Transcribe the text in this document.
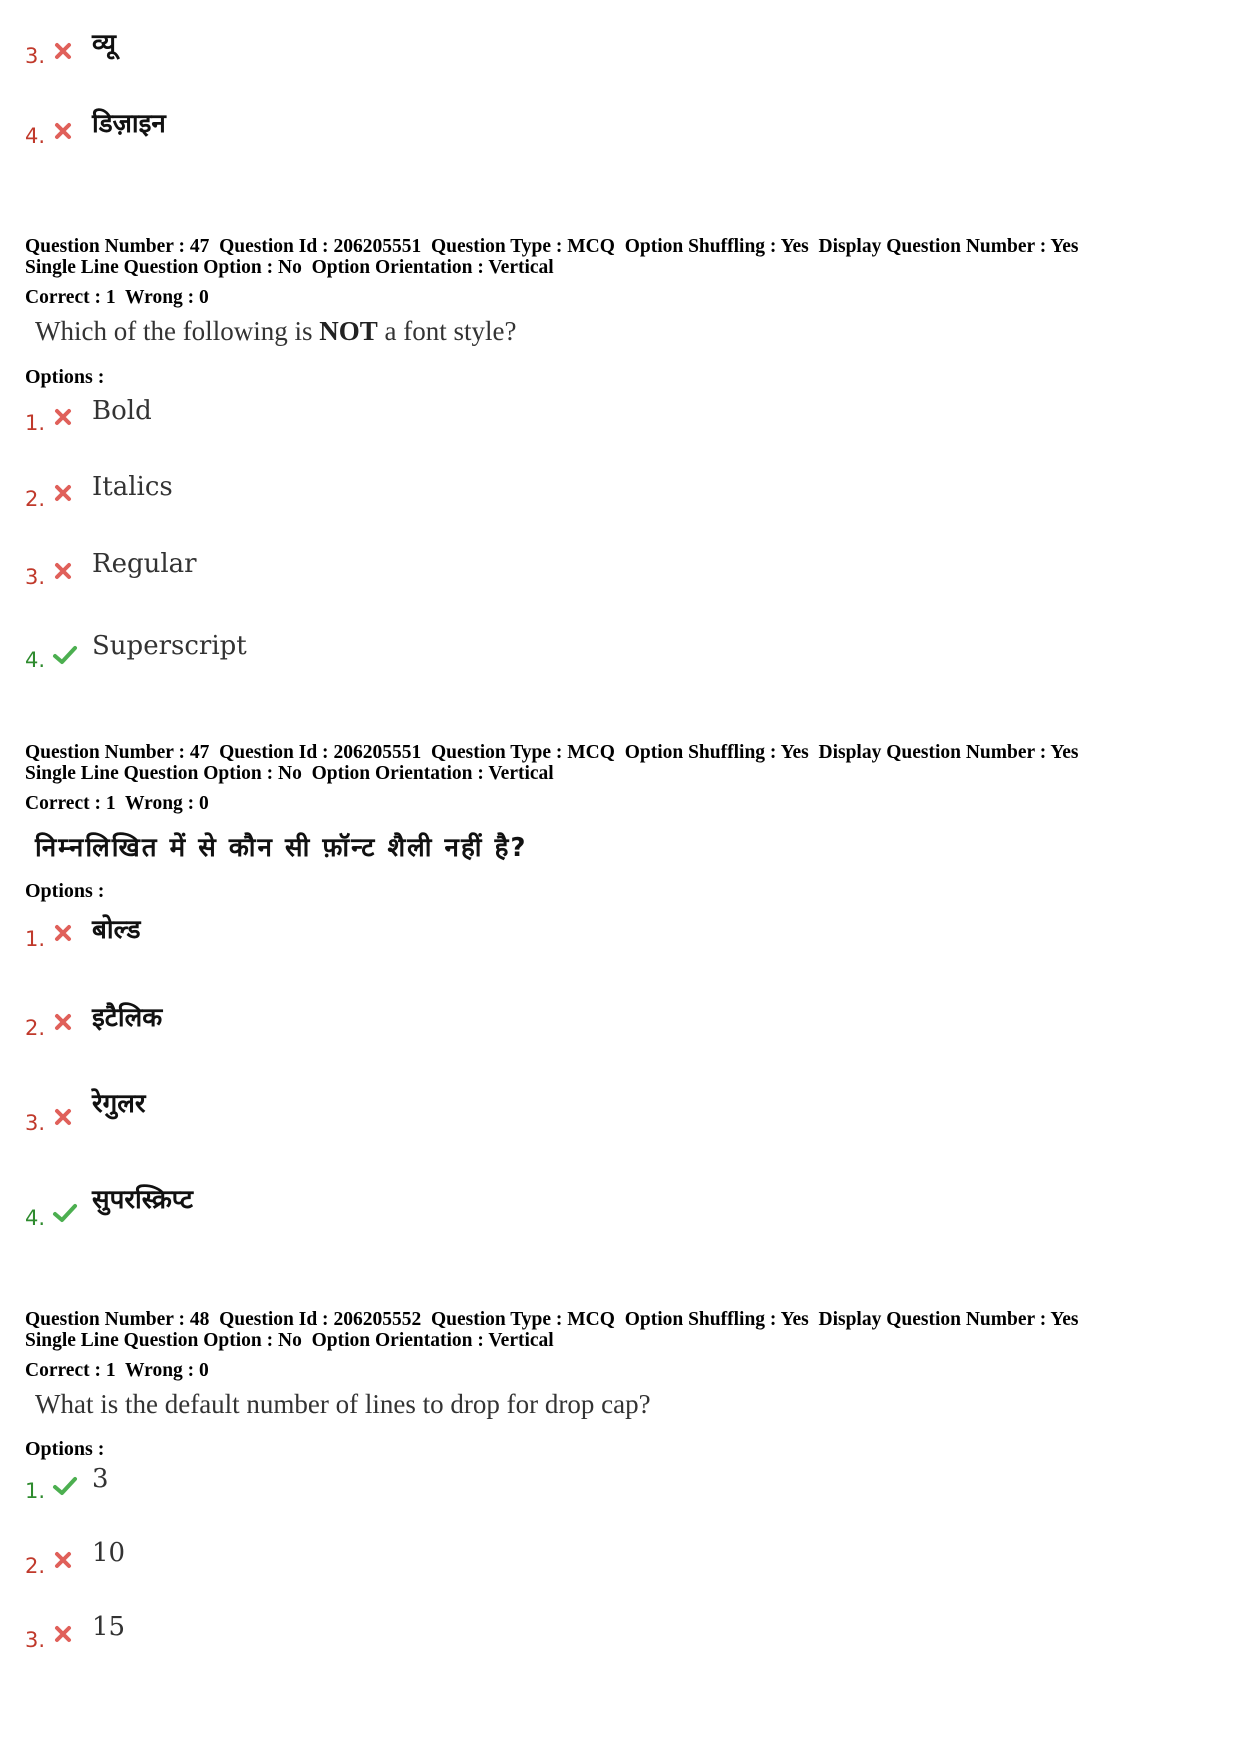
3. व्यू
4. डिज़ाइन
Question Number : 47  Question Id : 206205551  Question Type : MCQ  Option Shuffling : Yes  Display Question Number : Yes
Single Line Question Option : No  Option Orientation : Vertical
Correct : 1  Wrong : 0
Which of the following is NOT a font style?
Options :
1. Bold
2. Italics
3. Regular
4. Superscript
Question Number : 47  Question Id : 206205551  Question Type : MCQ  Option Shuffling : Yes  Display Question Number : Yes
Single Line Question Option : No  Option Orientation : Vertical
Correct : 1  Wrong : 0
निम्नलिखित में से कौन सी फ़ॉन्ट शैली नहीं है?
Options :
1. बोल्ड
2. इटैलिक
3.
रेगुलर
4.
सुपरस्क्रिप्ट
Question Number : 48  Question Id : 206205552  Question Type : MCQ  Option Shuffling : Yes  Display Question Number : Yes
Single Line Question Option : No  Option Orientation : Vertical
Correct : 1  Wrong : 0
What is the default number of lines to drop for drop cap?
Options :
1. 3
2. 10
3. 15
